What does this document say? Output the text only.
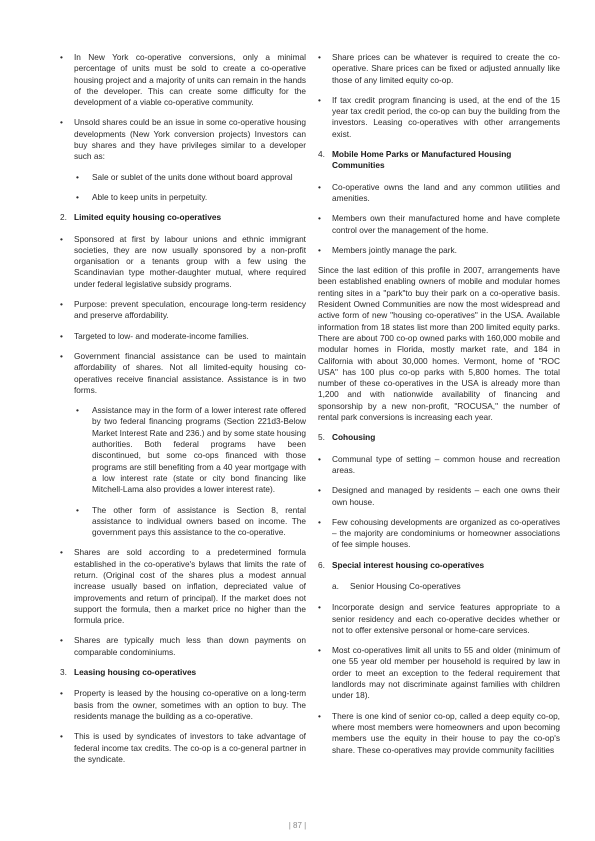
• In New York co-operative conversions, only a minimal percentage of units must be sold to create a co-operative housing project and a majority of units can remain in the hands of the developer. This can create some difficulty for the development of a viable co-operative community.

• Unsold shares could be an issue in some co-operative housing developments (New York conversion projects) Investors can buy shares and they have privileges similar to a developer such as:

• Sale or sublet of the units done without board approval

• Able to keep units in perpetuity.

2. Limited equity housing co-operatives

• Sponsored at first by labour unions and ethnic immigrant societies, they are now usually sponsored by a non-profit organisation or a tenants group with a few using the Scandinavian type mother-daughter mutual, where required under federal legislative subsidy programs.

• Purpose: prevent speculation, encourage long-term residency and preserve affordability.

• Targeted to low- and moderate-income families.

• Government financial assistance can be used to maintain affordability of shares. Not all limited-equity housing co-operatives receive financial assistance. Assistance is in two forms.

• Assistance may in the form of a lower interest rate offered by two federal financing programs (Section 221d3-Below Market Interest Rate and 236.) and by some state housing authorities. Both federal programs have been discontinued, but some co-ops financed with those programs are still benefiting from a 40 year mortgage with a low interest rate (state or city bond financing like Mitchell-Lama also provides a lower interest rate).

• The other form of assistance is Section 8, rental assistance to individual owners based on income. The government pays this assistance to the co-operative.

• Shares are sold according to a predetermined formula established in the co-operative's bylaws that limits the rate of return. (Original cost of the shares plus a modest annual increase usually based on inflation, depreciated value of improvements and return of principal). If the market does not support the formula, then a market price no higher than the formula price.

• Shares are typically much less than down payments on comparable condominiums.

3. Leasing housing co-operatives

• Property is leased by the housing co-operative on a long-term basis from the owner, sometimes with an option to buy. The residents manage the building as a co-operative.

• This is used by syndicates of investors to take advantage of federal income tax credits. The co-op is a co-general partner in the syndicate.

• Share prices can be whatever is required to create the co-operative. Share prices can be fixed or adjusted annually like those of any limited equity co-op.

• If tax credit program financing is used, at the end of the 15 year tax credit period, the co-op can buy the building from the investors. Leasing co-operatives with other arrangements exist.

4. Mobile Home Parks or Manufactured Housing Communities

• Co-operative owns the land and any common utilities and amenities.

• Members own their manufactured home and have complete control over the management of the home.

• Members jointly manage the park.

Since the last edition of this profile in 2007, arrangements have been established enabling owners of mobile and modular homes renting sites in a "park"to buy their park on a co-operative basis. Resident Owned Communities are now the most widespread and active form of new "housing co-operatives" in the USA. Available information from 18 states list more than 200 limited equity parks. There are about 700 co-op owned parks with 160,000 mobile and modular homes in Florida, mostly market rate, and 184 in California with about 30,000 homes. Vermont, home of "ROC USA" has 100 plus co-op parks with 5,800 homes. The total number of these co-operatives in the USA is already more than 1,200 and with nationwide availability of financing and sponsorship by a new non-profit, "ROCUSA," the number of rental park conversions is increasing each year.

5. Cohousing

• Communal type of setting – common house and recreation areas.

• Designed and managed by residents – each one owns their own house.

• Few cohousing developments are organized as co-operatives – the majority are condominiums or homeowner associations of fee simple houses.

6. Special interest housing co-operatives
a.	Senior Housing Co-operatives

• Incorporate design and service features appropriate to a senior residency and each co-operative decides whether or not to offer extensive personal or home-care services.

• Most co-operatives limit all units to 55 and older (minimum of one 55 year old member per household is required by law in order to meet an exception to the federal requirement that landlords may not discriminate against families with children under 18).

• There is one kind of senior co-op, called a deep equity co-op, where most members were homeowners and upon becoming members use the equity in their house to pay the co-op's share. These co-operatives may provide community facilities

| 87 |
